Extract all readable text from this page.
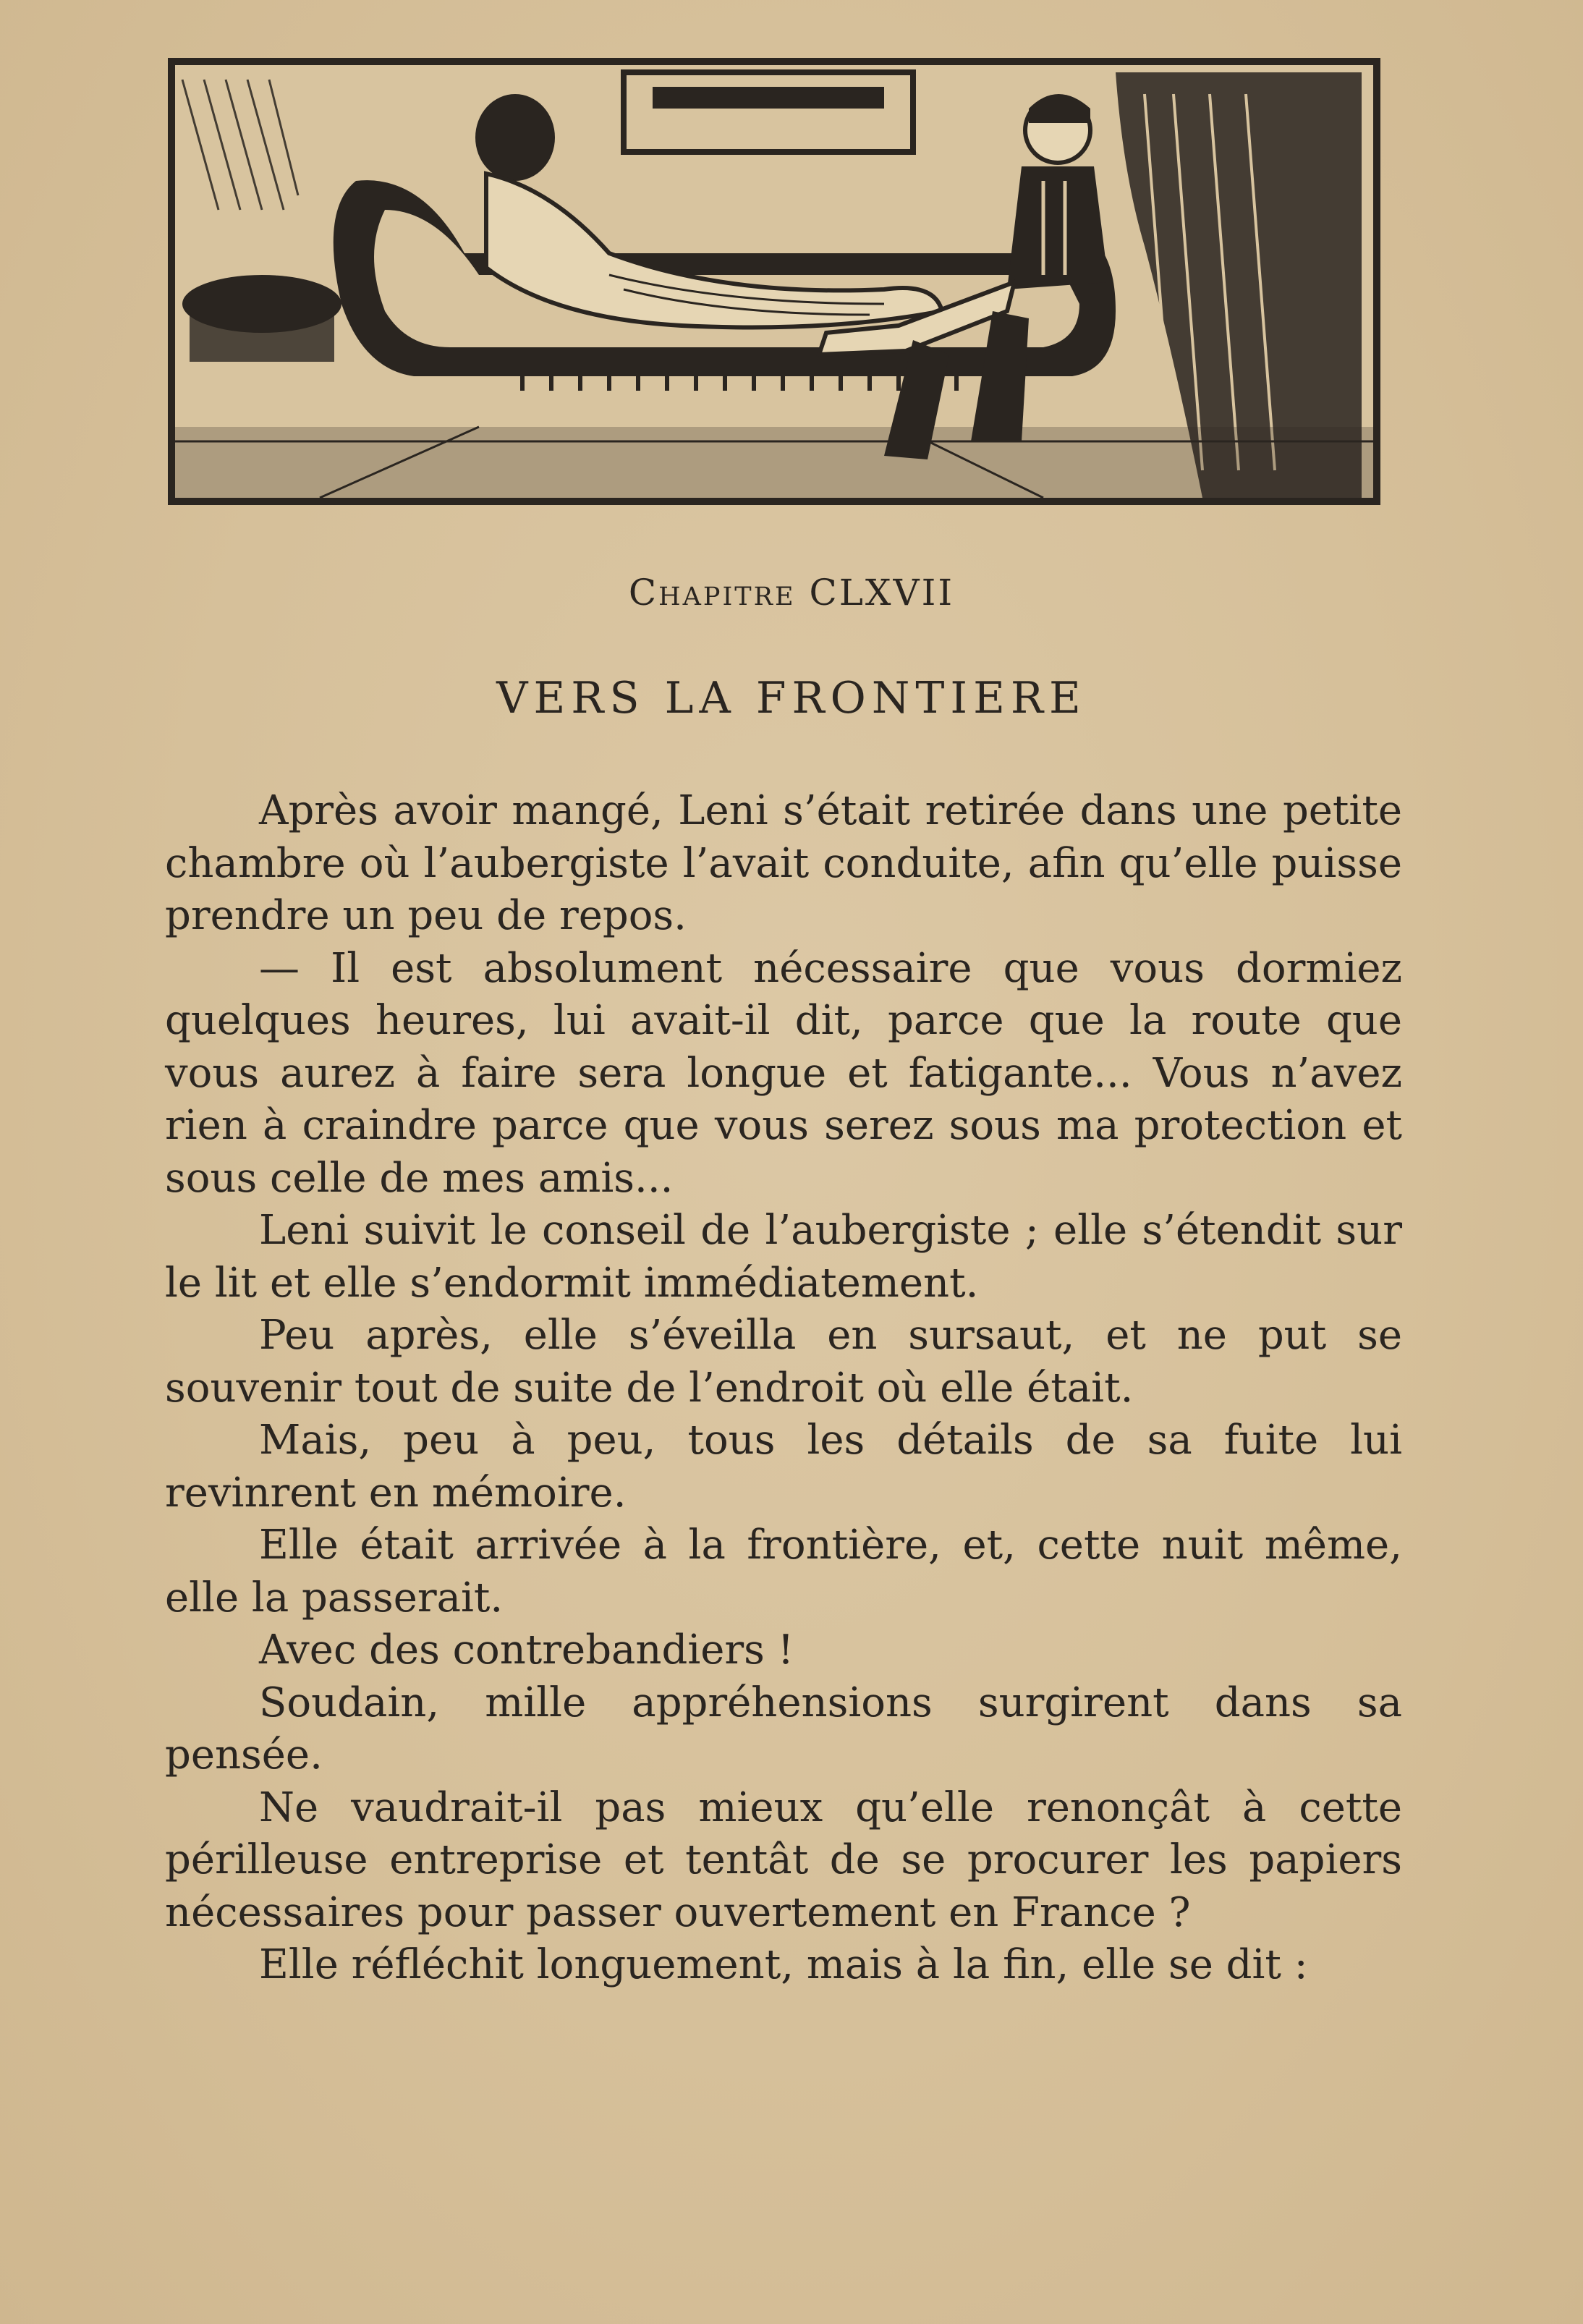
Chapitre CLXVII
VERS LA FRONTIERE

Après avoir mangé, Leni s’était retirée dans une petite chambre où l’aubergiste l’avait conduite, afin qu’elle puisse prendre un peu de repos.

— Il est absolument nécessaire que vous dormiez quelques heures, lui avait-il dit, parce que la route que vous aurez à faire sera longue et fatigante... Vous n’avez rien à craindre parce que vous serez sous ma protection et sous celle de mes amis...

Leni suivit le conseil de l’aubergiste ; elle s’étendit sur le lit et elle s’endormit immédiatement.

Peu après, elle s’éveilla en sursaut, et ne put se souvenir tout de suite de l’endroit où elle était.

Mais, peu à peu, tous les détails de sa fuite lui revinrent en mémoire.

Elle était arrivée à la frontière, et, cette nuit même, elle la passerait.

Avec des contrebandiers !

Soudain, mille appréhensions surgirent dans sa pensée.

Ne vaudrait-il pas mieux qu’elle renonçât à cette périlleuse entreprise et tentât de se procurer les papiers nécessaires pour passer ouvertement en France ?

Elle réfléchit longuement, mais à la fin, elle se dit :
